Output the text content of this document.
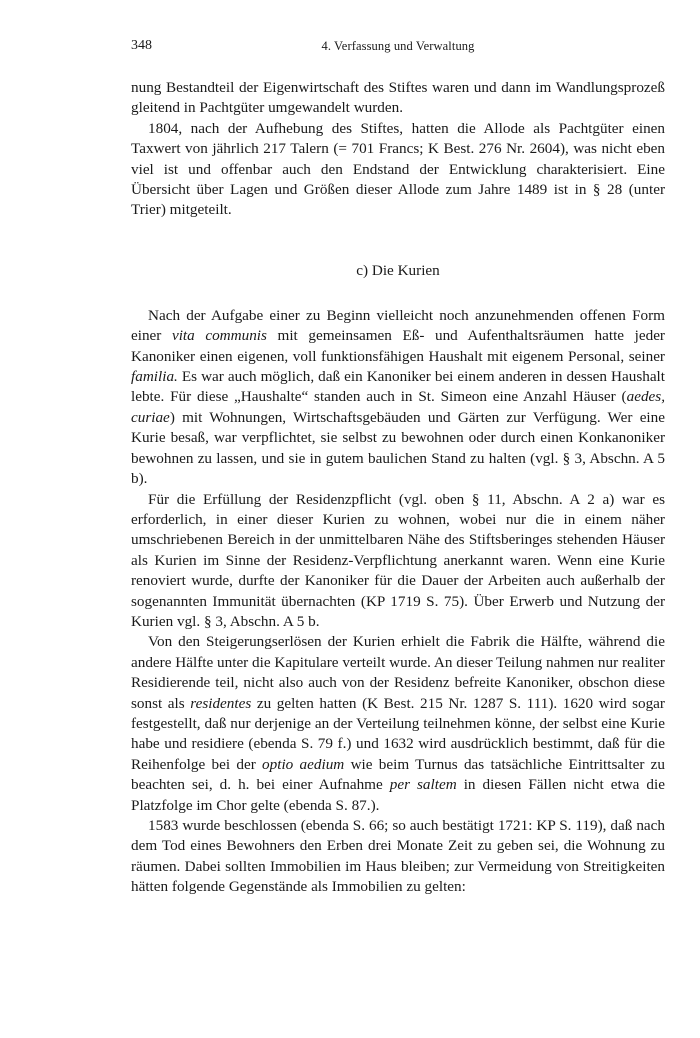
348	4. Verfassung und Verwaltung

nung Bestandteil der Eigenwirtschaft des Stiftes waren und dann im Wandlungsprozeß gleitend in Pachtgüter umgewandelt wurden.

1804, nach der Aufhebung des Stiftes, hatten die Allode als Pachtgüter einen Taxwert von jährlich 217 Talern (= 701 Francs; K Best. 276 Nr. 2604), was nicht eben viel ist und offenbar auch den Endstand der Entwicklung charakterisiert. Eine Übersicht über Lagen und Größen dieser Allode zum Jahre 1489 ist in § 28 (unter Trier) mitgeteilt.

c) Die Kurien

Nach der Aufgabe einer zu Beginn vielleicht noch anzunehmenden offenen Form einer vita communis mit gemeinsamen Eß- und Aufenthaltsräumen hatte jeder Kanoniker einen eigenen, voll funktionsfähigen Haushalt mit eigenem Personal, seiner familia. Es war auch möglich, daß ein Kanoniker bei einem anderen in dessen Haushalt lebte. Für diese „Haushalte“ standen auch in St. Simeon eine Anzahl Häuser (aedes, curiae) mit Wohnungen, Wirtschaftsgebäuden und Gärten zur Verfügung. Wer eine Kurie besaß, war verpflichtet, sie selbst zu bewohnen oder durch einen Konkanoniker bewohnen zu lassen, und sie in gutem baulichen Stand zu halten (vgl. § 3, Abschn. A 5 b).

Für die Erfüllung der Residenzpflicht (vgl. oben § 11, Abschn. A 2 a) war es erforderlich, in einer dieser Kurien zu wohnen, wobei nur die in einem näher umschriebenen Bereich in der unmittelbaren Nähe des Stiftsberinges stehenden Häuser als Kurien im Sinne der Residenz-Verpflichtung anerkannt waren. Wenn eine Kurie renoviert wurde, durfte der Kanoniker für die Dauer der Arbeiten auch außerhalb der sogenannten Immunität übernachten (KP 1719 S. 75). Über Erwerb und Nutzung der Kurien vgl. § 3, Abschn. A 5 b.

Von den Steigerungserlösen der Kurien erhielt die Fabrik die Hälfte, während die andere Hälfte unter die Kapitulare verteilt wurde. An dieser Teilung nahmen nur realiter Residierende teil, nicht also auch von der Residenz befreite Kanoniker, obschon diese sonst als residentes zu gelten hatten (K Best. 215 Nr. 1287 S. 111). 1620 wird sogar festgestellt, daß nur derjenige an der Verteilung teilnehmen könne, der selbst eine Kurie habe und residiere (ebenda S. 79 f.) und 1632 wird ausdrücklich bestimmt, daß für die Reihenfolge bei der optio aedium wie beim Turnus das tatsächliche Eintrittsalter zu beachten sei, d. h. bei einer Aufnahme per saltem in diesen Fällen nicht etwa die Platzfolge im Chor gelte (ebenda S. 87.).

1583 wurde beschlossen (ebenda S. 66; so auch bestätigt 1721: KP S. 119), daß nach dem Tod eines Bewohners den Erben drei Monate Zeit zu geben sei, die Wohnung zu räumen. Dabei sollten Immobilien im Haus bleiben; zur Vermeidung von Streitigkeiten hätten folgende Gegenstände als Immobilien zu gelten:
